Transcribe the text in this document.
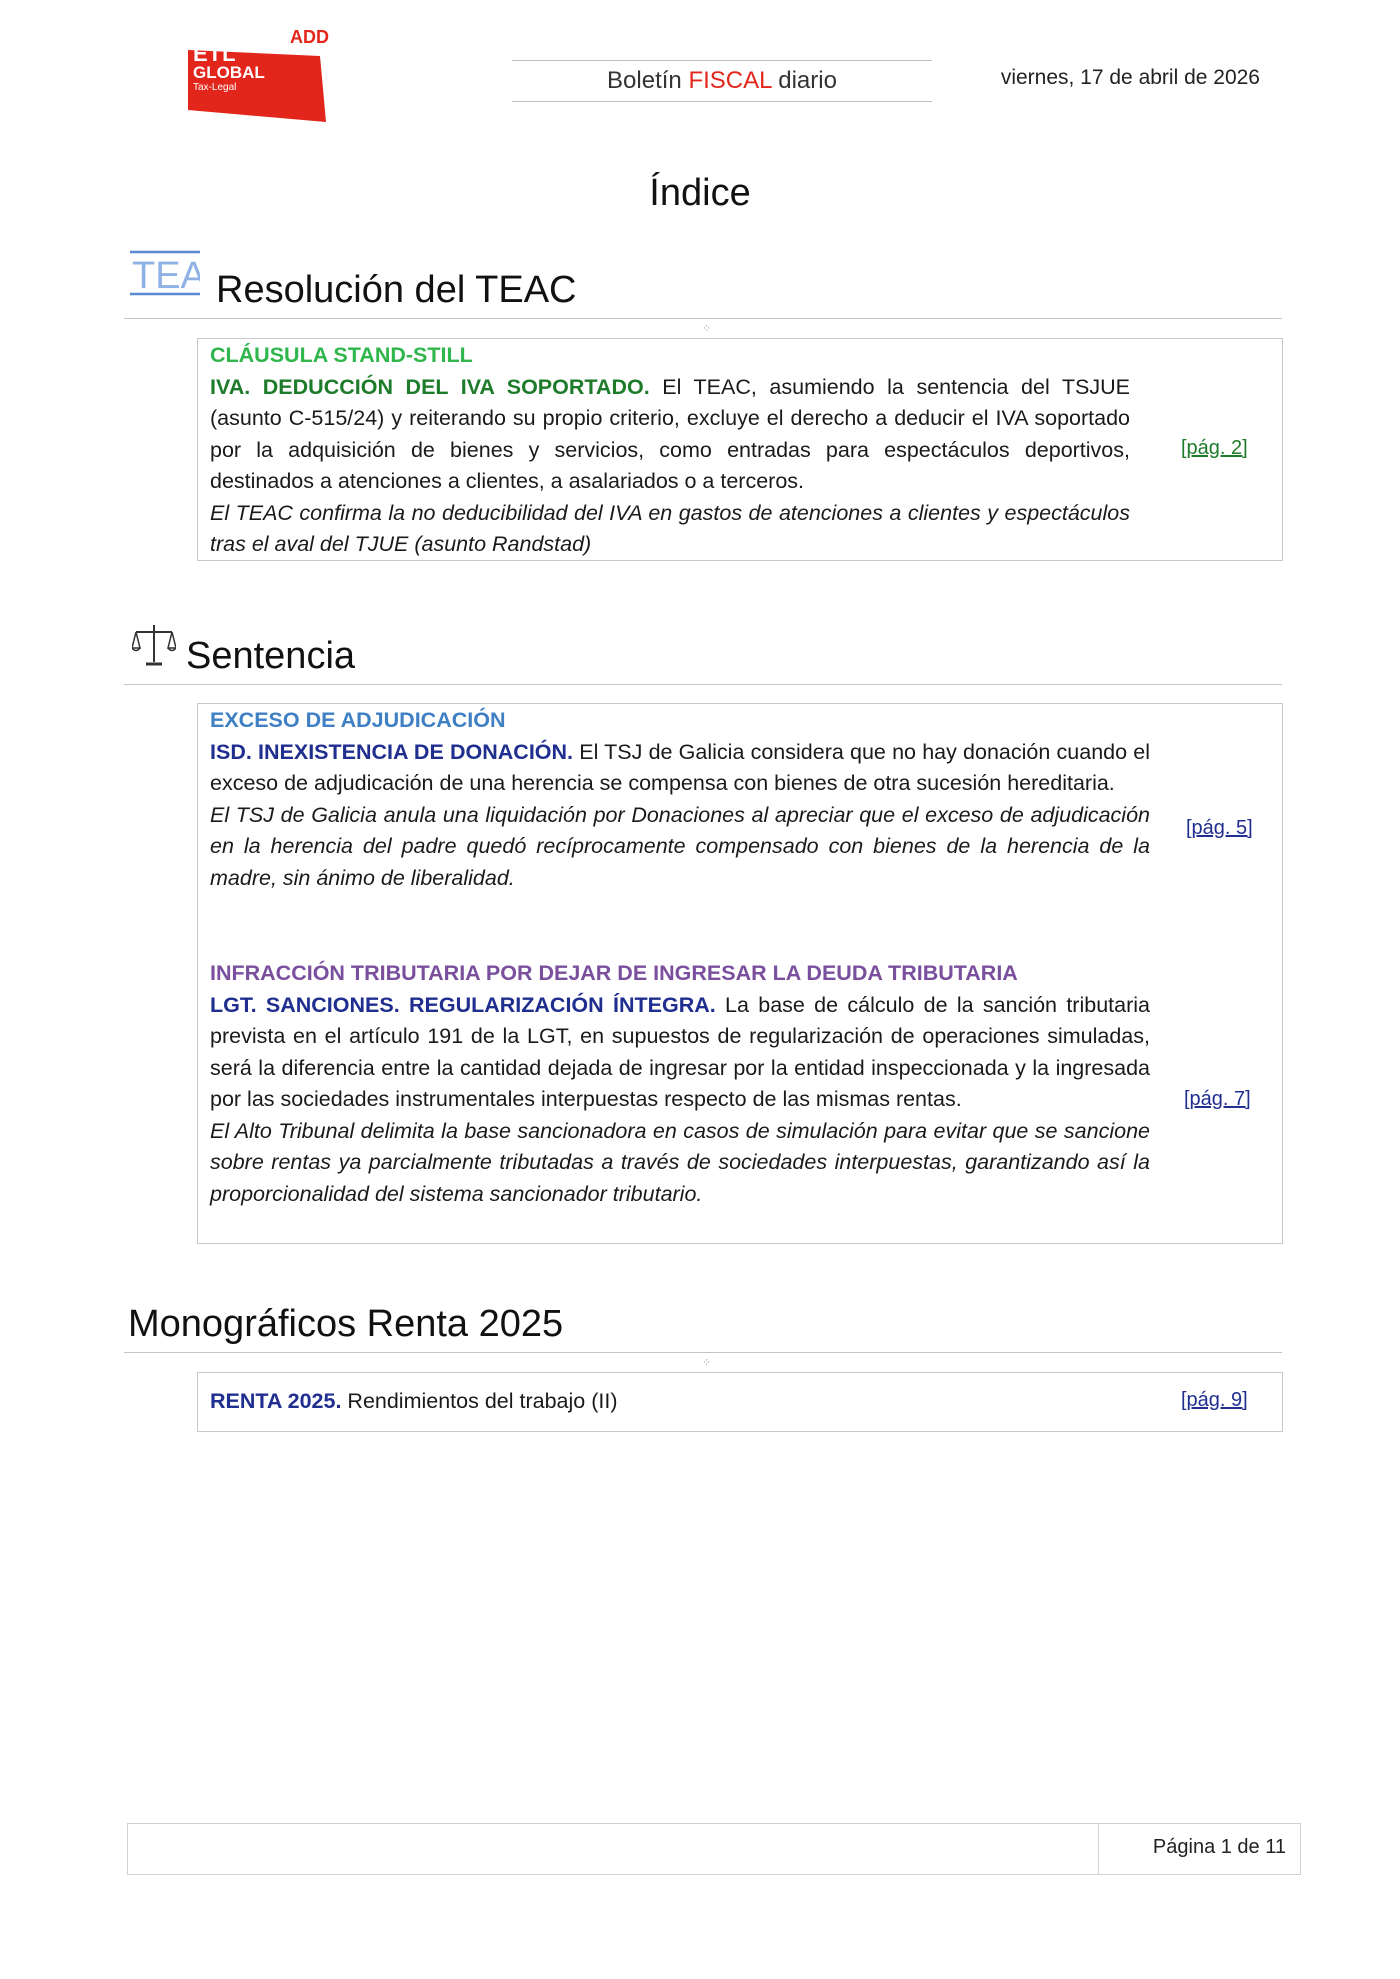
ADD
ETL
GLOBAL
Tax-Legal	Boletín FISCAL diario	viernes, 17 de abril de 2026
Índice
TEA Resolución del TEAC
⁘
CLÁUSULA STAND-STILL
IVA. DEDUCCIÓN DEL IVA SOPORTADO. El TEAC, asumiendo la sentencia del TSJUE (asunto C-515/24) y reiterando su propio criterio, excluye el derecho a deducir el IVA soportado por la adquisición de bienes y servicios, como entradas para espectáculos deportivos, destinados a atenciones a clientes, a asalariados o a terceros.
El TEAC confirma la no deducibilidad del IVA en gastos de atenciones a clientes y espectáculos tras el aval del TJUE (asunto Randstad)
[pág. 2]
Sentencia
EXCESO DE ADJUDICACIÓN
ISD. INEXISTENCIA DE DONACIÓN. El TSJ de Galicia considera que no hay donación cuando el exceso de adjudicación de una herencia se compensa con bienes de otra sucesión hereditaria.
El TSJ de Galicia anula una liquidación por Donaciones al apreciar que el exceso de adjudicación en la herencia del padre quedó recíprocamente compensado con bienes de la herencia de la madre, sin ánimo de liberalidad.
[pág. 5]
INFRACCIÓN TRIBUTARIA POR DEJAR DE INGRESAR LA DEUDA TRIBUTARIA
LGT. SANCIONES. REGULARIZACIÓN ÍNTEGRA. La base de cálculo de la sanción tributaria prevista en el artículo 191 de la LGT, en supuestos de regularización de operaciones simuladas, será la diferencia entre la cantidad dejada de ingresar por la entidad inspeccionada y la ingresada por las sociedades instrumentales interpuestas respecto de las mismas rentas.
El Alto Tribunal delimita la base sancionadora en casos de simulación para evitar que se sancione sobre rentas ya parcialmente tributadas a través de sociedades interpuestas, garantizando así la proporcionalidad del sistema sancionador tributario.
[pág. 7]
Monográficos Renta 2025
⁘
RENTA 2025. Rendimientos del trabajo (II)	[pág. 9]
Página 1 de 11
